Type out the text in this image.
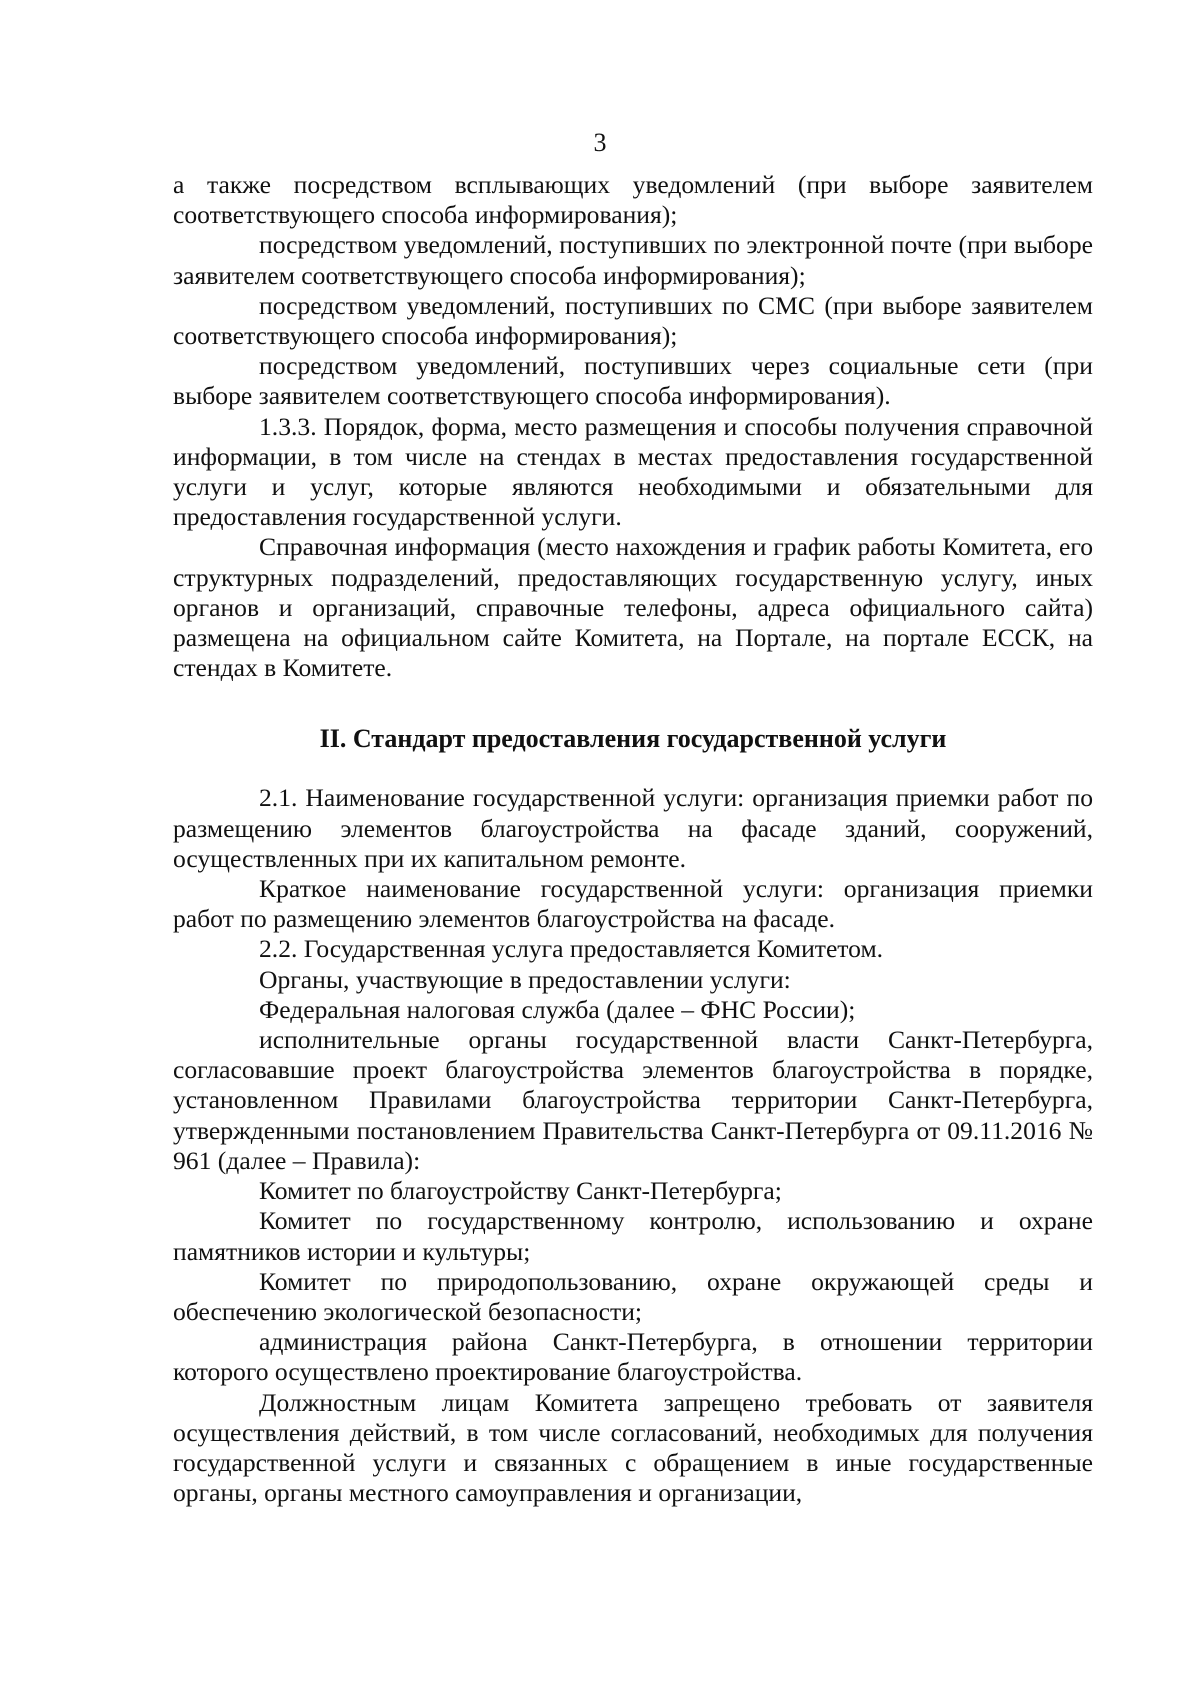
3

а также посредством всплывающих уведомлений (при выборе заявителем соответствующего способа информирования);

посредством уведомлений, поступивших по электронной почте (при выборе заявителем соответствующего способа информирования);

посредством уведомлений, поступивших по СМС (при выборе заявителем соответствующего способа информирования);

посредством уведомлений, поступивших через социальные сети (при выборе заявителем соответствующего способа информирования).

1.3.3. Порядок, форма, место размещения и способы получения справочной информации, в том числе на стендах в местах предоставления государственной услуги и услуг, которые являются необходимыми и обязательными для предоставления государственной услуги.

Справочная информация (место нахождения и график работы Комитета, его структурных подразделений, предоставляющих государственную услугу, иных органов и организаций, справочные телефоны, адреса официального сайта) размещена на официальном сайте Комитета, на Портале, на портале ЕССК, на стендах в Комитете.

II. Стандарт предоставления государственной услуги

2.1. Наименование государственной услуги: организация приемки работ по размещению элементов благоустройства на фасаде зданий, сооружений, осуществленных при их капитальном ремонте.

Краткое наименование государственной услуги: организация приемки работ по размещению элементов благоустройства на фасаде.

2.2. Государственная услуга предоставляется Комитетом.

Органы, участвующие в предоставлении услуги:

Федеральная налоговая служба (далее – ФНС России);

исполнительные органы государственной власти Санкт-Петербурга, согласовавшие проект благоустройства элементов благоустройства в порядке, установленном Правилами благоустройства территории Санкт-Петербурга, утвержденными постановлением Правительства Санкт-Петербурга от 09.11.2016 № 961 (далее – Правила):

Комитет по благоустройству Санкт-Петербурга;

Комитет по государственному контролю, использованию и охране памятников истории и культуры;

Комитет по природопользованию, охране окружающей среды и обеспечению экологической безопасности;

администрация района Санкт-Петербурга, в отношении территории которого осуществлено проектирование благоустройства.

Должностным лицам Комитета запрещено требовать от заявителя осуществления действий, в том числе согласований, необходимых для получения государственной услуги и связанных с обращением в иные государственные органы, органы местного самоуправления и организации,
